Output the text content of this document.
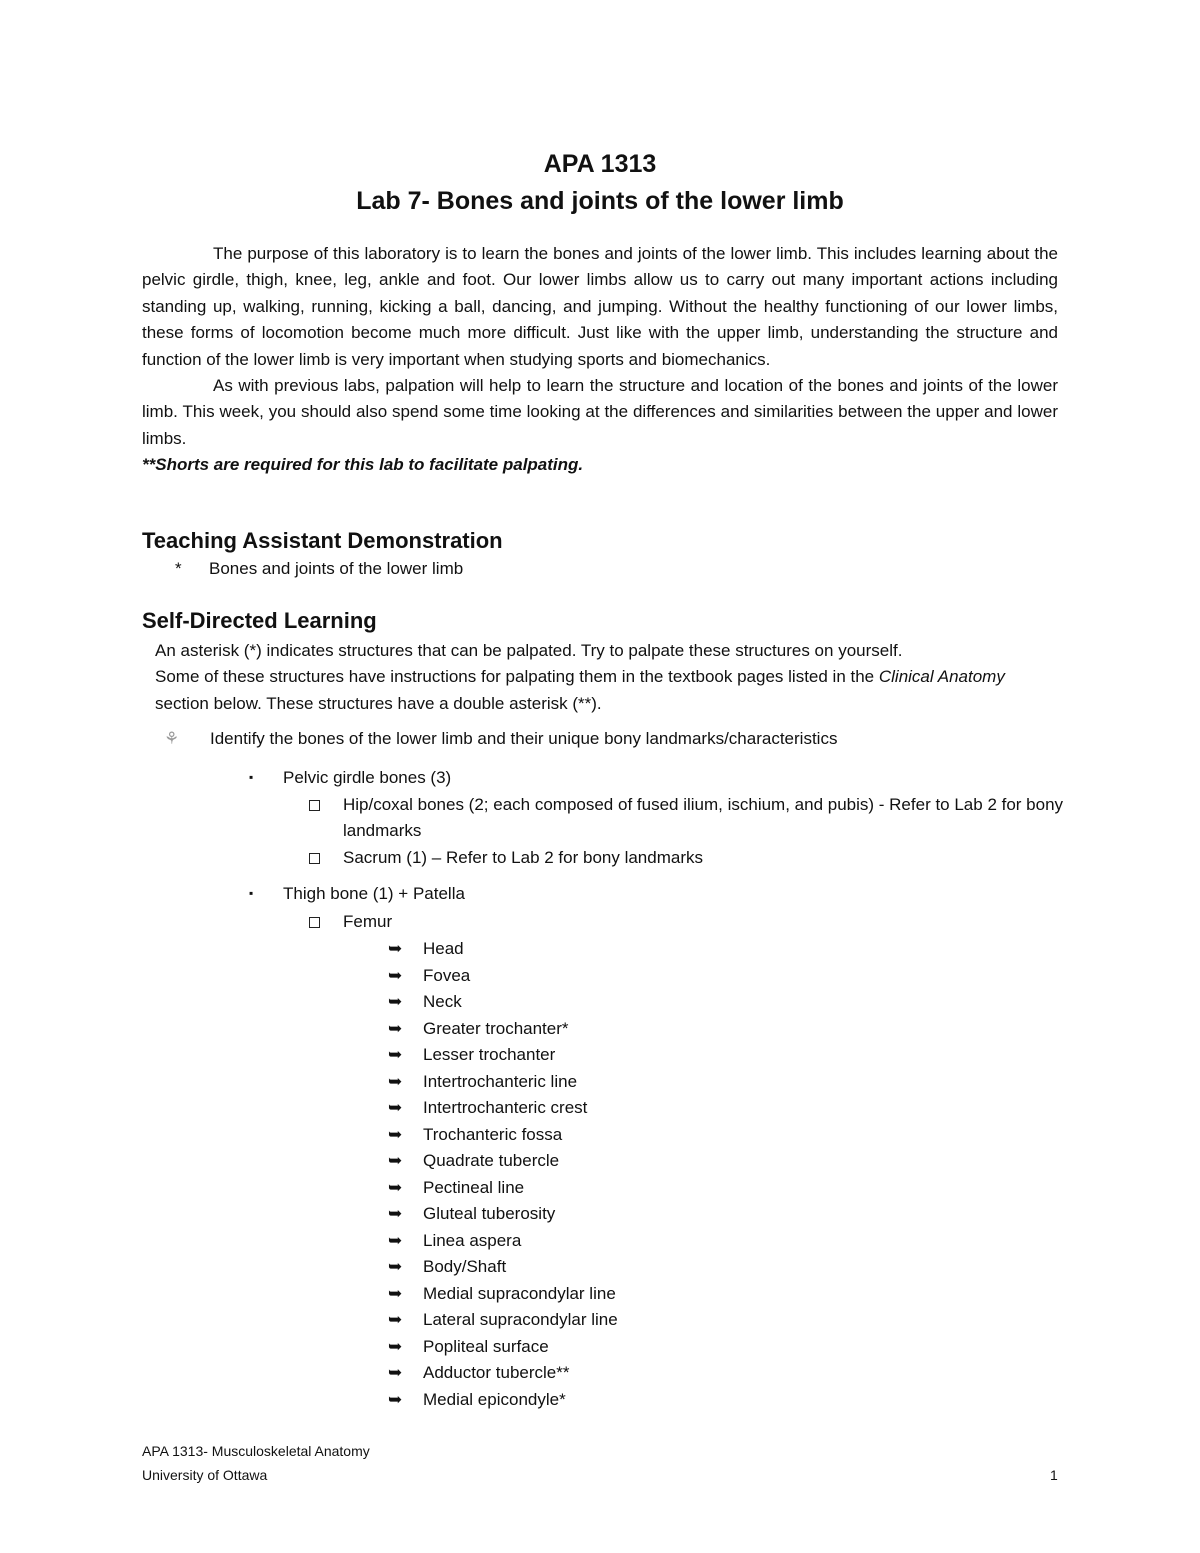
APA 1313
Lab 7- Bones and joints of the lower limb

The purpose of this laboratory is to learn the bones and joints of the lower limb. This includes learning about the pelvic girdle, thigh, knee, leg, ankle and foot. Our lower limbs allow us to carry out many important actions including standing up, walking, running, kicking a ball, dancing, and jumping. Without the healthy functioning of our lower limbs, these forms of locomotion become much more difficult. Just like with the upper limb, understanding the structure and function of the lower limb is very important when studying sports and biomechanics.

As with previous labs, palpation will help to learn the structure and location of the bones and joints of the lower limb. This week, you should also spend some time looking at the differences and similarities between the upper and lower limbs.

**Shorts are required for this lab to facilitate palpating.

Teaching Assistant Demonstration
* Bones and joints of the lower limb
Self-Directed Learning

An asterisk (*) indicates structures that can be palpated. Try to palpate these structures on yourself.

Some of these structures have instructions for palpating them in the textbook pages listed in the Clinical Anatomy section below. These structures have a double asterisk (**).

⚘ Identify the bones of the lower limb and their unique bony landmarks/characteristics
▪ Pelvic girdle bones (3)
Hip/coxal bones (2; each composed of fused ilium, ischium, and pubis) - Refer to Lab 2 for bony landmarks
Sacrum (1) – Refer to Lab 2 for bony landmarks
▪ Thigh bone (1) + Patella
Femur
➥ Head
➥ Fovea
➥ Neck
➥ Greater trochanter*
➥ Lesser trochanter
➥ Intertrochanteric line
➥ Intertrochanteric crest
➥ Trochanteric fossa
➥ Quadrate tubercle
➥ Pectineal line
➥ Gluteal tuberosity
➥ Linea aspera
➥ Body/Shaft
➥ Medial supracondylar line
➥ Lateral supracondylar line
➥ Popliteal surface
➥ Adductor tubercle**
➥ Medial epicondyle*
APA 1313- Musculoskeletal Anatomy
University of Ottawa	1
